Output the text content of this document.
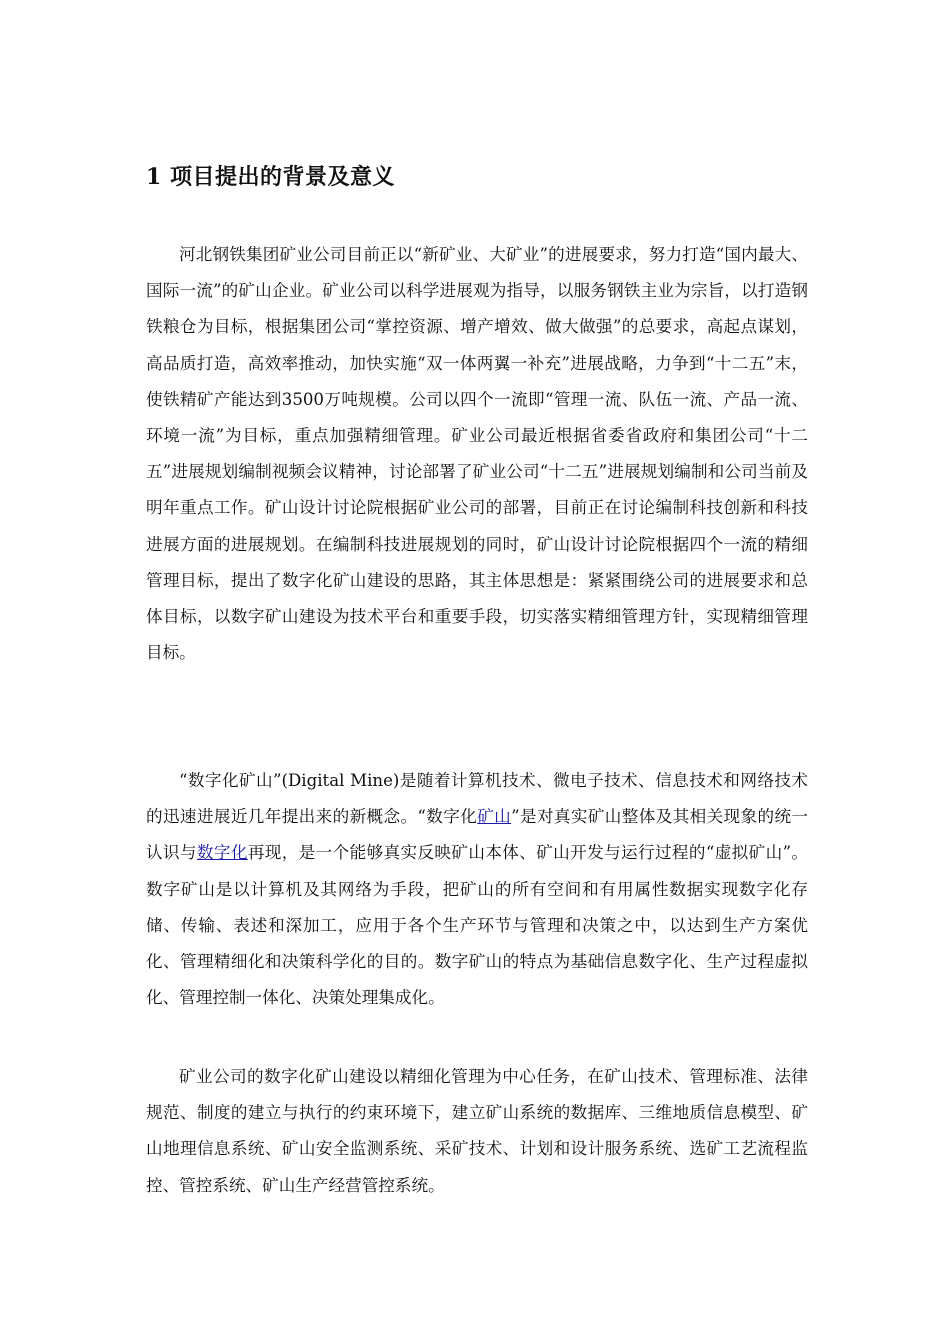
1 项目提出的背景及意义

河北钢铁集团矿业公司目前正以“新矿业、大矿业”的进展要求，努力打造“国内最大、国际一流”的矿山企业。矿业公司以科学进展观为指导，以服务钢铁主业为宗旨，以打造钢铁粮仓为目标，根据集团公司“掌控资源、增产增效、做大做强”的总要求，高起点谋划，高品质打造，高效率推动，加快实施“双一体两翼一补充”进展战略，力争到“十二五”末，使铁精矿产能达到3500万吨规模。公司以四个一流即“管理一流、队伍一流、产品一流、环境一流”为目标，重点加强精细管理。矿业公司最近根据省委省政府和集团公司“十二五”进展规划编制视频会议精神，讨论部署了矿业公司“十二五”进展规划编制和公司当前及明年重点工作。矿山设计讨论院根据矿业公司的部署，目前正在讨论编制科技创新和科技进展方面的进展规划。在编制科技进展规划的同时，矿山设计讨论院根据四个一流的精细管理目标，提出了数字化矿山建设的思路，其主体思想是：紧紧围绕公司的进展要求和总体目标，以数字矿山建设为技术平台和重要手段，切实落实精细管理方针，实现精细管理目标。

“数字化矿山”(Digital Mine)是随着计算机技术、微电子技术、信息技术和网络技术的迅速进展近几年提出来的新概念。“数字化矿山”是对真实矿山整体及其相关现象的统一认识与数字化再现，是一个能够真实反映矿山本体、矿山开发与运行过程的“虚拟矿山”。数字矿山是以计算机及其网络为手段，把矿山的所有空间和有用属性数据实现数字化存储、传输、表述和深加工，应用于各个生产环节与管理和决策之中，以达到生产方案优化、管理精细化和决策科学化的目的。数字矿山的特点为基础信息数字化、生产过程虚拟化、管理控制一体化、决策处理集成化。

矿业公司的数字化矿山建设以精细化管理为中心任务，在矿山技术、管理标准、法律规范、制度的建立与执行的约束环境下，建立矿山系统的数据库、三维地质信息模型、矿山地理信息系统、矿山安全监测系统、采矿技术、计划和设计服务系统、选矿工艺流程监控、管控系统、矿山生产经营管控系统。
